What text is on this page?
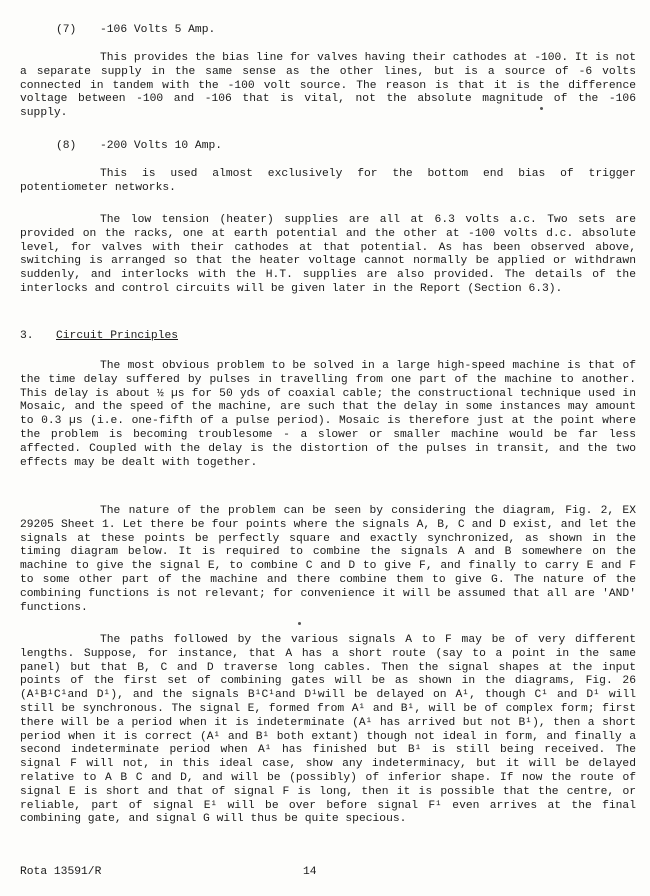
(7) -106 Volts 5 Amp.

This provides the bias line for valves having their cathodes at -100. It is not a separate supply in the same sense as the other lines, but is a source of -6 volts connected in tandem with the -100 volt source. The reason is that it is the difference voltage between -100 and -106 that is vital, not the absolute magnitude of the -106 supply.

(8) -200 Volts 10 Amp.

This is used almost exclusively for the bottom end bias of trigger potentiometer networks.

The low tension (heater) supplies are all at 6.3 volts a.c. Two sets are provided on the racks, one at earth potential and the other at -100 volts d.c. absolute level, for valves with their cathodes at that potential. As has been observed above, switching is arranged so that the heater voltage cannot normally be applied or withdrawn suddenly, and interlocks with the H.T. supplies are also provided. The details of the interlocks and control circuits will be given later in the Report (Section 6.3).

3. Circuit Principles

The most obvious problem to be solved in a large high-speed machine is that of the time delay suffered by pulses in travelling from one part of the machine to another. This delay is about ½ µs for 50 yds of coaxial cable; the constructional technique used in Mosaic, and the speed of the machine, are such that the delay in some instances may amount to 0.3 µs (i.e. one-fifth of a pulse period). Mosaic is therefore just at the point where the problem is becoming troublesome - a slower or smaller machine would be far less affected. Coupled with the delay is the distortion of the pulses in transit, and the two effects may be dealt with together.

The nature of the problem can be seen by considering the diagram, Fig. 2, EX 29205 Sheet 1. Let there be four points where the signals A, B, C and D exist, and let the signals at these points be perfectly square and exactly synchronized, as shown in the timing diagram below. It is required to combine the signals A and B somewhere on the machine to give the signal E, to combine C and D to give F, and finally to carry E and F to some other part of the machine and there combine them to give G. The nature of the combining functions is not relevant; for convenience it will be assumed that all are 'AND' functions.

The paths followed by the various signals A to F may be of very different lengths. Suppose, for instance, that A has a short route (say to a point in the same panel) but that B, C and D traverse long cables. Then the signal shapes at the input points of the first set of combining gates will be as shown in the diagrams, Fig. 26 (A¹B¹C¹and D¹), and the signals B¹C¹and D¹will be delayed on A¹, though C¹ and D¹ will still be synchronous. The signal E, formed from A¹ and B¹, will be of complex form; first there will be a period when it is indeterminate (A¹ has arrived but not B¹), then a short period when it is correct (A¹ and B¹ both extant) though not ideal in form, and finally a second indeterminate period when A¹ has finished but B¹ is still being received. The signal F will not, in this ideal case, show any indeterminacy, but it will be delayed relative to A B C and D, and will be (possibly) of inferior shape. If now the route of signal E is short and that of signal F is long, then it is possible that the centre, or reliable, part of signal E¹ will be over before signal F¹ even arrives at the final combining gate, and signal G will thus be quite specious.

Rota 13591/R	14
